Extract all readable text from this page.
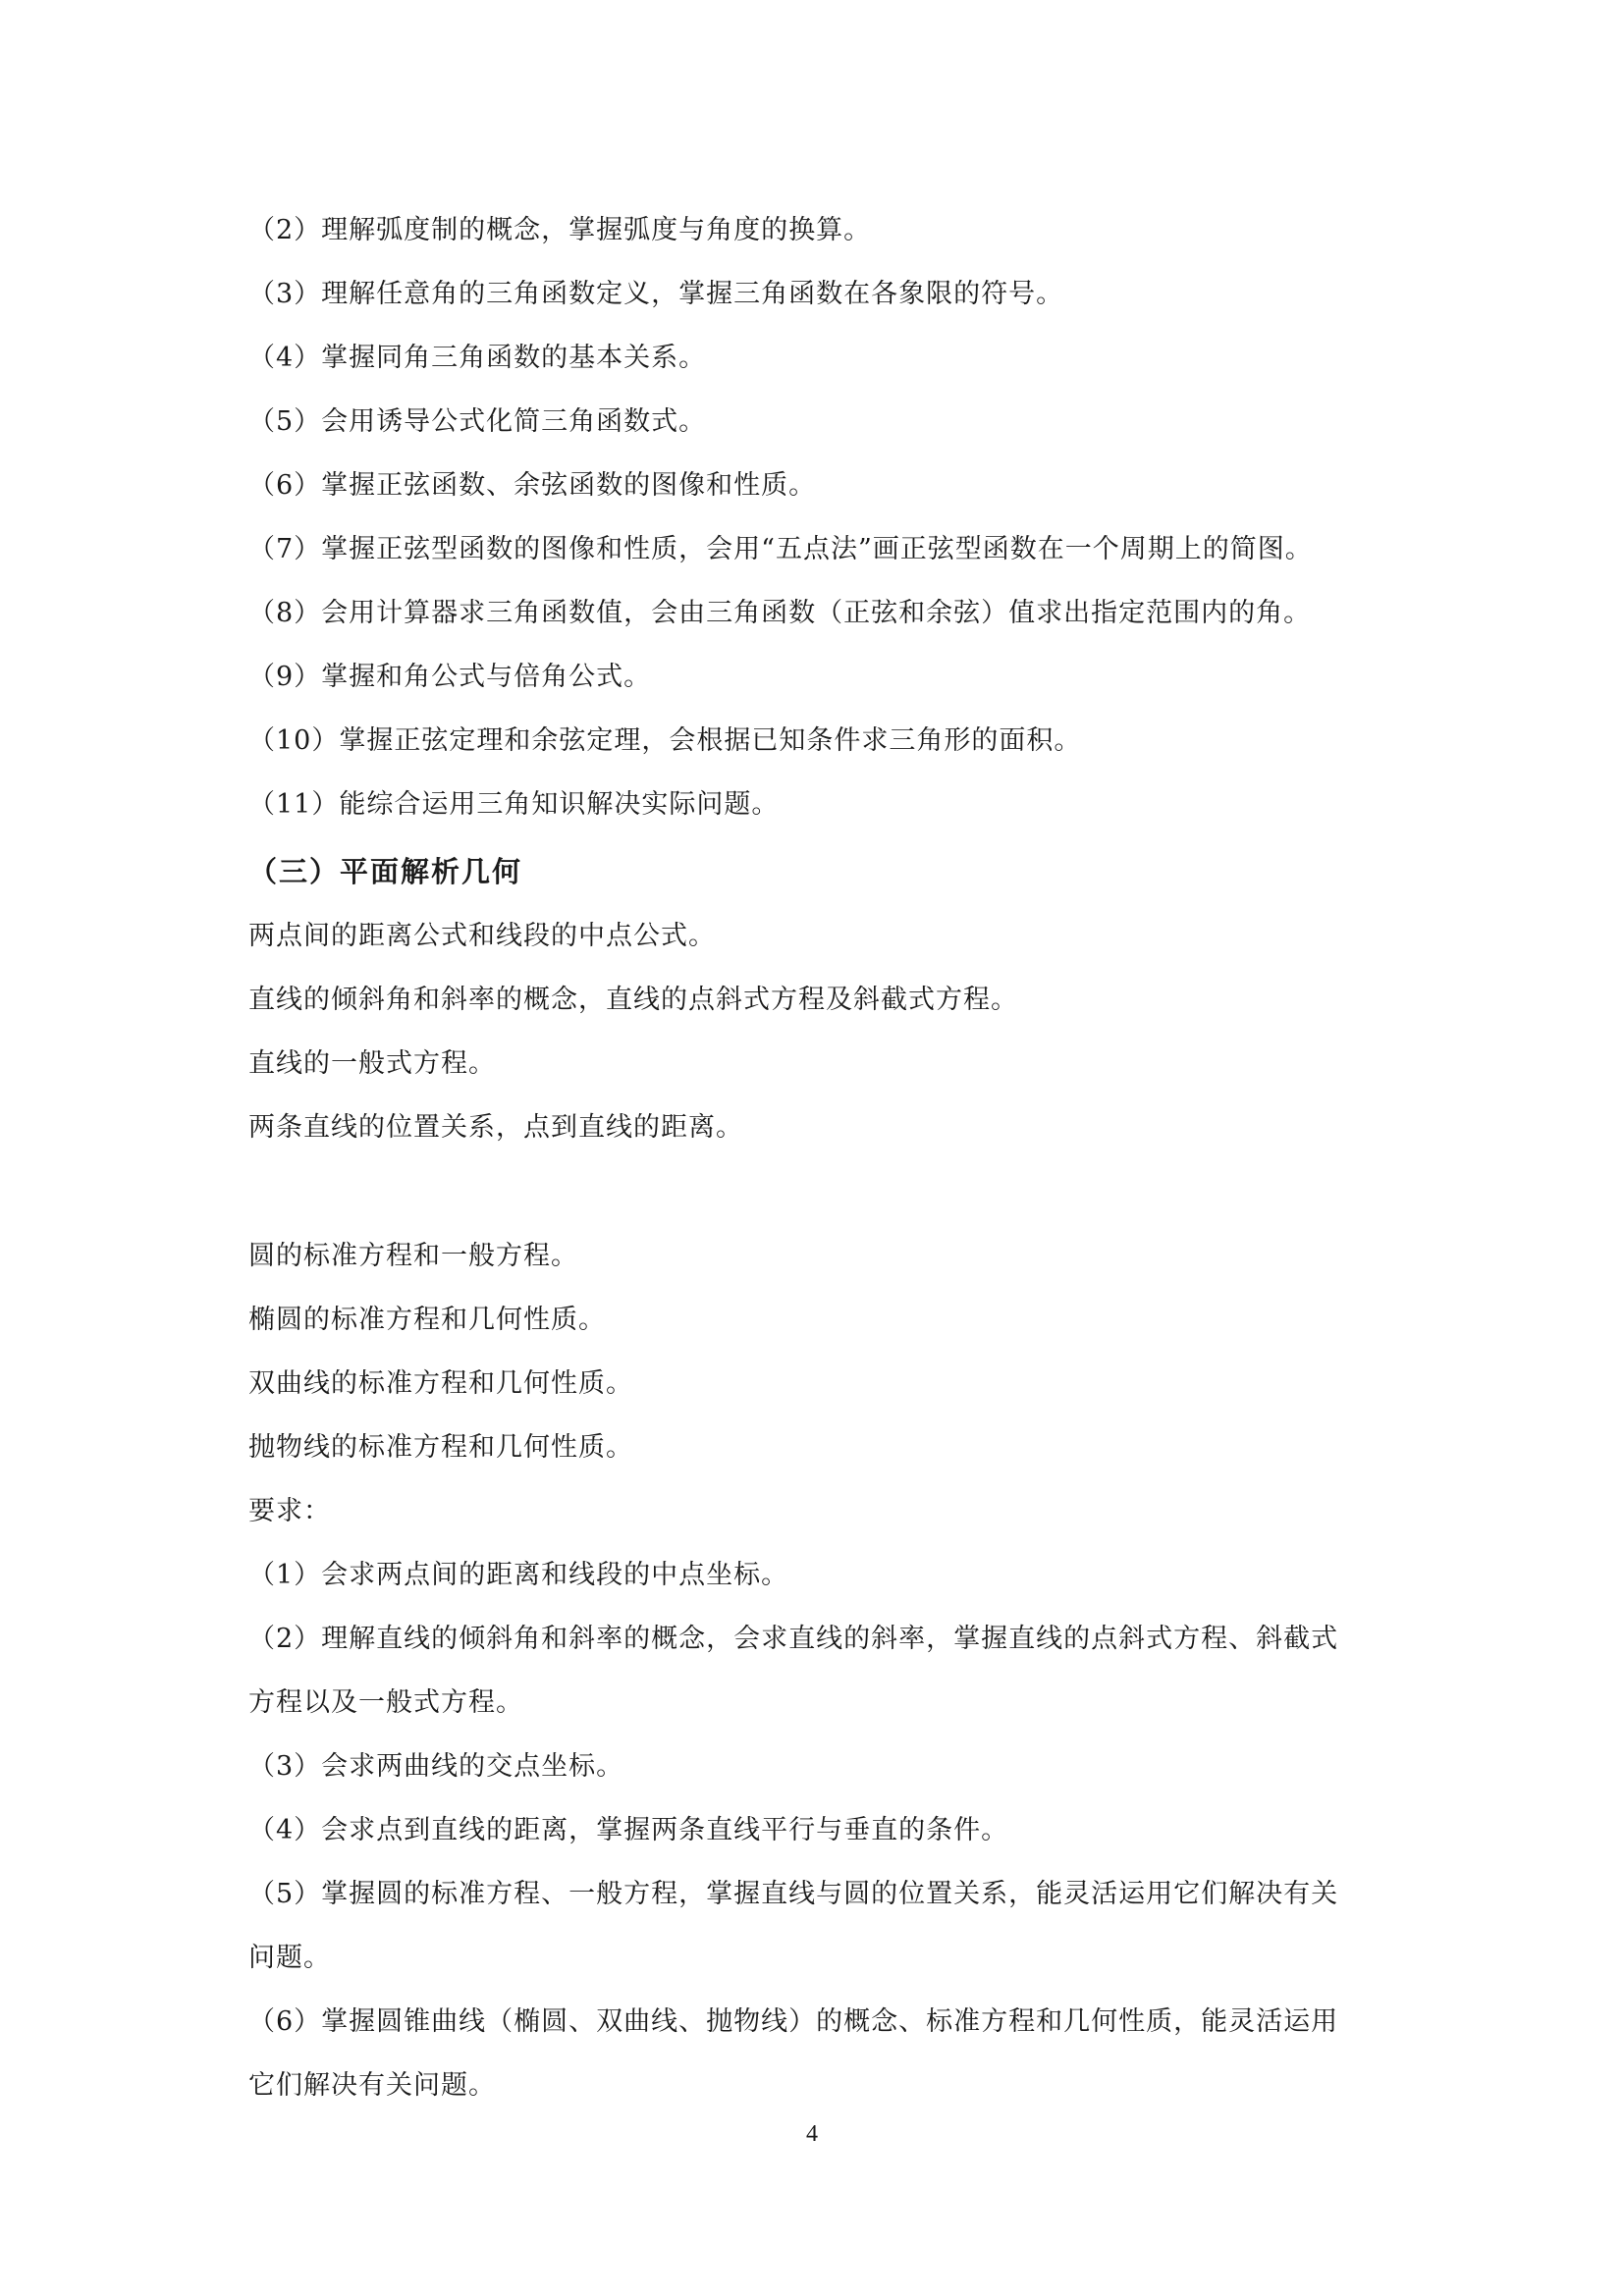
（2）理解弧度制的概念，掌握弧度与角度的换算。
（3）理解任意角的三角函数定义，掌握三角函数在各象限的符号。
（4）掌握同角三角函数的基本关系。
（5）会用诱导公式化简三角函数式。
（6）掌握正弦函数、余弦函数的图像和性质。
（7）掌握正弦型函数的图像和性质，会用“五点法”画正弦型函数在一个周期上的简图。
（8）会用计算器求三角函数值，会由三角函数（正弦和余弦）值求出指定范围内的角。
（9）掌握和角公式与倍角公式。
（10）掌握正弦定理和余弦定理，会根据已知条件求三角形的面积。
（11）能综合运用三角知识解决实际问题。
（三）平面解析几何
两点间的距离公式和线段的中点公式。
直线的倾斜角和斜率的概念，直线的点斜式方程及斜截式方程。
直线的一般式方程。
两条直线的位置关系，点到直线的距离。
圆的标准方程和一般方程。
椭圆的标准方程和几何性质。
双曲线的标准方程和几何性质。
抛物线的标准方程和几何性质。
要求：
（1）会求两点间的距离和线段的中点坐标。
（2）理解直线的倾斜角和斜率的概念，会求直线的斜率，掌握直线的点斜式方程、斜截式
方程以及一般式方程。
（3）会求两曲线的交点坐标。
（4）会求点到直线的距离，掌握两条直线平行与垂直的条件。
（5）掌握圆的标准方程、一般方程，掌握直线与圆的位置关系，能灵活运用它们解决有关
问题。
（6）掌握圆锥曲线（椭圆、双曲线、抛物线）的概念、标准方程和几何性质，能灵活运用
它们解决有关问题。
4
